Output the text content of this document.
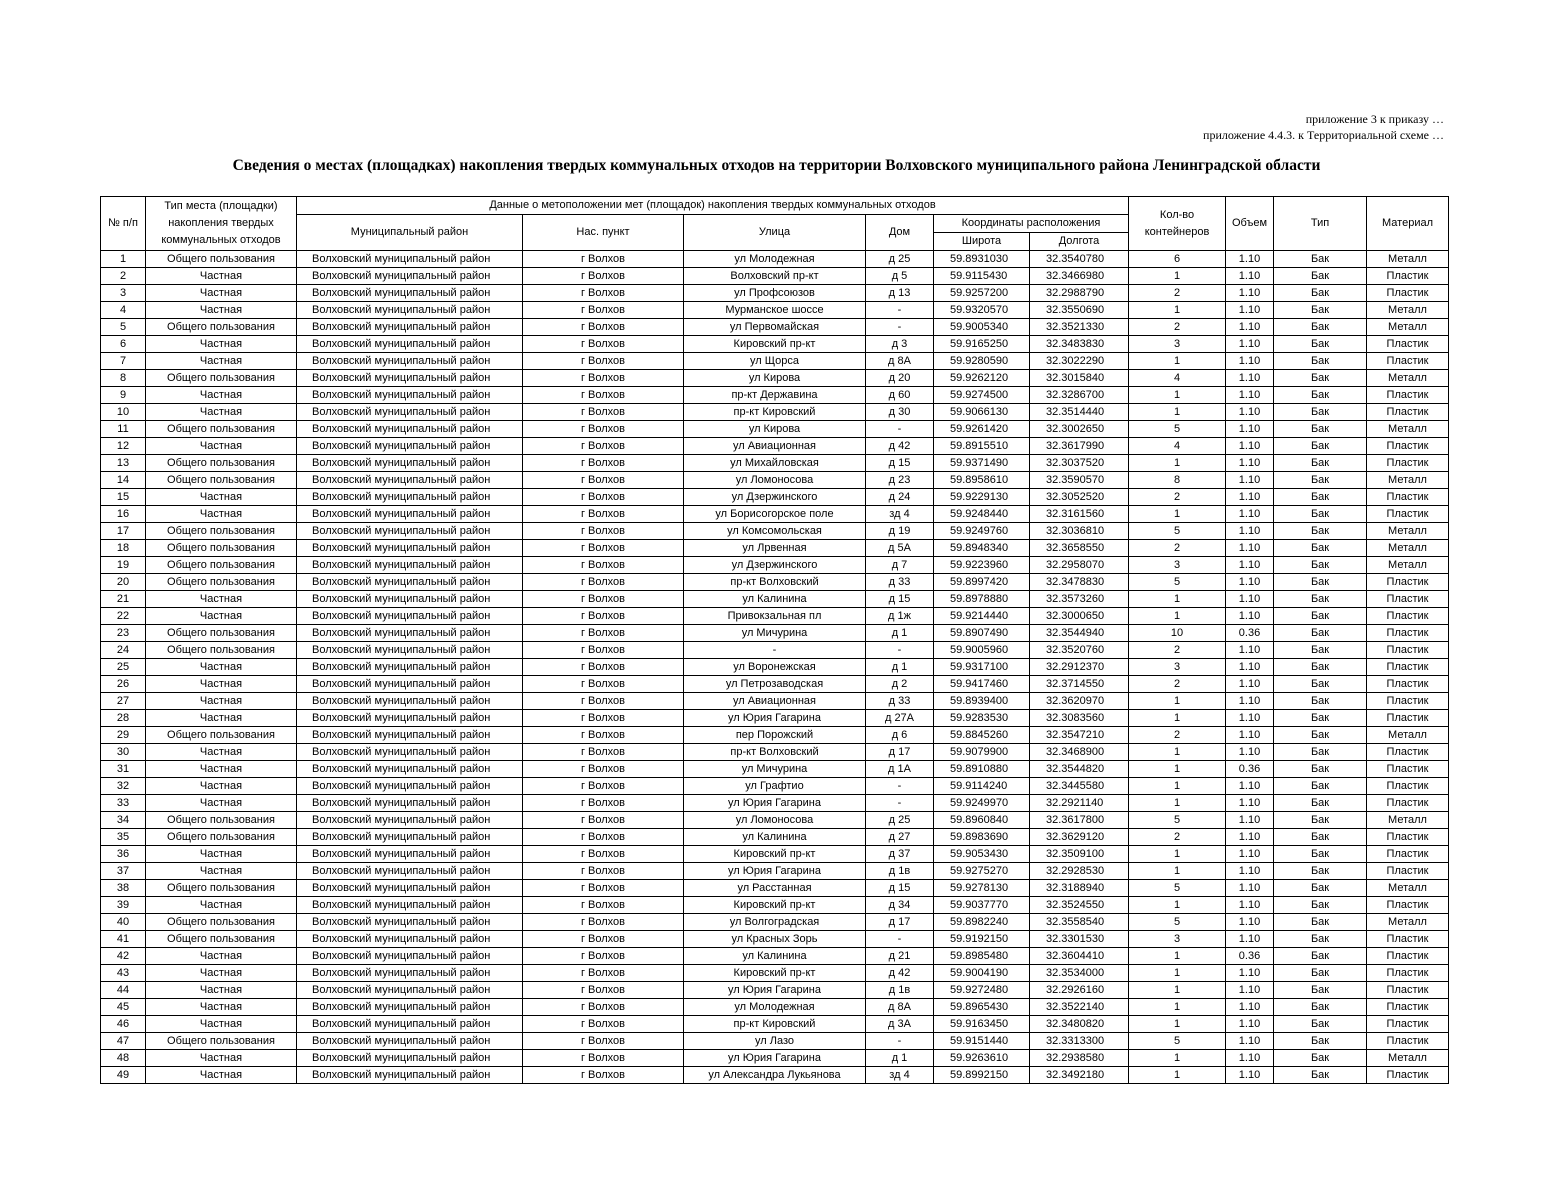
приложение 3 к приказу …
приложение 4.4.3. к Территориальной схеме …
Сведения о местах (площадках) накопления твердых коммунальных отходов на территории Волховского муниципального района Ленинградской области
№ п/п	Тип места (площадки) накопления твердых коммунальных отходов	Данные о метоположении мет (площадок) накопления твердых коммунальных отходов						Кол-во контейнеров	Объем	Тип	Материал
		Муниципальный район	Нас. пункт	Улица	Дом	Координаты расположения					
						Широта	Долгота				
1	Общего пользования	Волховский муниципальный район	г Волхов	ул Молодежная	д 25	59.8931030	32.3540780	6	1.10	Бак	Металл
2	Частная	Волховский муниципальный район	г Волхов	Волховский пр-кт	д 5	59.9115430	32.3466980	1	1.10	Бак	Пластик
3	Частная	Волховский муниципальный район	г Волхов	ул Профсоюзов	д 13	59.9257200	32.2988790	2	1.10	Бак	Пластик
4	Частная	Волховский муниципальный район	г Волхов	Мурманское шоссе	-	59.9320570	32.3550690	1	1.10	Бак	Металл
5	Общего пользования	Волховский муниципальный район	г Волхов	ул Первомайская	-	59.9005340	32.3521330	2	1.10	Бак	Металл
6	Частная	Волховский муниципальный район	г Волхов	Кировский пр-кт	д 3	59.9165250	32.3483830	3	1.10	Бак	Пластик
7	Частная	Волховский муниципальный район	г Волхов	ул Щорса	д 8А	59.9280590	32.3022290	1	1.10	Бак	Пластик
8	Общего пользования	Волховский муниципальный район	г Волхов	ул Кирова	д 20	59.9262120	32.3015840	4	1.10	Бак	Металл
9	Частная	Волховский муниципальный район	г Волхов	пр-кт Державина	д 60	59.9274500	32.3286700	1	1.10	Бак	Пластик
10	Частная	Волховский муниципальный район	г Волхов	пр-кт Кировский	д 30	59.9066130	32.3514440	1	1.10	Бак	Пластик
11	Общего пользования	Волховский муниципальный район	г Волхов	ул Кирова	-	59.9261420	32.3002650	5	1.10	Бак	Металл
12	Частная	Волховский муниципальный район	г Волхов	ул Авиационная	д 42	59.8915510	32.3617990	4	1.10	Бак	Пластик
13	Общего пользования	Волховский муниципальный район	г Волхов	ул Михайловская	д 15	59.9371490	32.3037520	1	1.10	Бак	Пластик
14	Общего пользования	Волховский муниципальный район	г Волхов	ул Ломоносова	д 23	59.8958610	32.3590570	8	1.10	Бак	Металл
15	Частная	Волховский муниципальный район	г Волхов	ул Дзержинского	д 24	59.9229130	32.3052520	2	1.10	Бак	Пластик
16	Частная	Волховский муниципальный район	г Волхов	ул Борисогорское поле	зд 4	59.9248440	32.3161560	1	1.10	Бак	Пластик
17	Общего пользования	Волховский муниципальный район	г Волхов	ул Комсомольская	д 19	59.9249760	32.3036810	5	1.10	Бак	Металл
18	Общего пользования	Волховский муниципальный район	г Волхов	ул Лрвенная	д 5А	59.8948340	32.3658550	2	1.10	Бак	Металл
19	Общего пользования	Волховский муниципальный район	г Волхов	ул Дзержинского	д 7	59.9223960	32.2958070	3	1.10	Бак	Металл
20	Общего пользования	Волховский муниципальный район	г Волхов	пр-кт Волховский	д 33	59.8997420	32.3478830	5	1.10	Бак	Пластик
21	Частная	Волховский муниципальный район	г Волхов	ул Калинина	д 15	59.8978880	32.3573260	1	1.10	Бак	Пластик
22	Частная	Волховский муниципальный район	г Волхов	Привокзальная пл	д 1ж	59.9214440	32.3000650	1	1.10	Бак	Пластик
23	Общего пользования	Волховский муниципальный район	г Волхов	ул Мичурина	д 1	59.8907490	32.3544940	10	0.36	Бак	Пластик
24	Общего пользования	Волховский муниципальный район	г Волхов	-	-	59.9005960	32.3520760	2	1.10	Бак	Пластик
25	Частная	Волховский муниципальный район	г Волхов	ул Воронежская	д 1	59.9317100	32.2912370	3	1.10	Бак	Пластик
26	Частная	Волховский муниципальный район	г Волхов	ул Петрозаводская	д 2	59.9417460	32.3714550	2	1.10	Бак	Пластик
27	Частная	Волховский муниципальный район	г Волхов	ул Авиационная	д 33	59.8939400	32.3620970	1	1.10	Бак	Пластик
28	Частная	Волховский муниципальный район	г Волхов	ул Юрия Гагарина	д 27А	59.9283530	32.3083560	1	1.10	Бак	Пластик
29	Общего пользования	Волховский муниципальный район	г Волхов	пер Порожский	д 6	59.8845260	32.3547210	2	1.10	Бак	Металл
30	Частная	Волховский муниципальный район	г Волхов	пр-кт Волховский	д 17	59.9079900	32.3468900	1	1.10	Бак	Пластик
31	Частная	Волховский муниципальный район	г Волхов	ул Мичурина	д 1А	59.8910880	32.3544820	1	0.36	Бак	Пластик
32	Частная	Волховский муниципальный район	г Волхов	ул Графтио	-	59.9114240	32.3445580	1	1.10	Бак	Пластик
33	Частная	Волховский муниципальный район	г Волхов	ул Юрия Гагарина	-	59.9249970	32.2921140	1	1.10	Бак	Пластик
34	Общего пользования	Волховский муниципальный район	г Волхов	ул Ломоносова	д 25	59.8960840	32.3617800	5	1.10	Бак	Металл
35	Общего пользования	Волховский муниципальный район	г Волхов	ул Калинина	д 27	59.8983690	32.3629120	2	1.10	Бак	Пластик
36	Частная	Волховский муниципальный район	г Волхов	Кировский пр-кт	д 37	59.9053430	32.3509100	1	1.10	Бак	Пластик
37	Частная	Волховский муниципальный район	г Волхов	ул Юрия Гагарина	д 1в	59.9275270	32.2928530	1	1.10	Бак	Пластик
38	Общего пользования	Волховский муниципальный район	г Волхов	ул Расстанная	д 15	59.9278130	32.3188940	5	1.10	Бак	Металл
39	Частная	Волховский муниципальный район	г Волхов	Кировский пр-кт	д 34	59.9037770	32.3524550	1	1.10	Бак	Пластик
40	Общего пользования	Волховский муниципальный район	г Волхов	ул Волгоградская	д 17	59.8982240	32.3558540	5	1.10	Бак	Металл
41	Общего пользования	Волховский муниципальный район	г Волхов	ул Красных Зорь	-	59.9192150	32.3301530	3	1.10	Бак	Пластик
42	Частная	Волховский муниципальный район	г Волхов	ул Калинина	д 21	59.8985480	32.3604410	1	0.36	Бак	Пластик
43	Частная	Волховский муниципальный район	г Волхов	Кировский пр-кт	д 42	59.9004190	32.3534000	1	1.10	Бак	Пластик
44	Частная	Волховский муниципальный район	г Волхов	ул Юрия Гагарина	д 1в	59.9272480	32.2926160	1	1.10	Бак	Пластик
45	Частная	Волховский муниципальный район	г Волхов	ул Молодежная	д 8А	59.8965430	32.3522140	1	1.10	Бак	Пластик
46	Частная	Волховский муниципальный район	г Волхов	пр-кт Кировский	д 3А	59.9163450	32.3480820	1	1.10	Бак	Пластик
47	Общего пользования	Волховский муниципальный район	г Волхов	ул Лазо	-	59.9151440	32.3313300	5	1.10	Бак	Пластик
48	Частная	Волховский муниципальный район	г Волхов	ул Юрия Гагарина	д 1	59.9263610	32.2938580	1	1.10	Бак	Металл
49	Частная	Волховский муниципальный район	г Волхов	ул Александра Лукьянова	зд 4	59.8992150	32.3492180	1	1.10	Бак	Пластик
